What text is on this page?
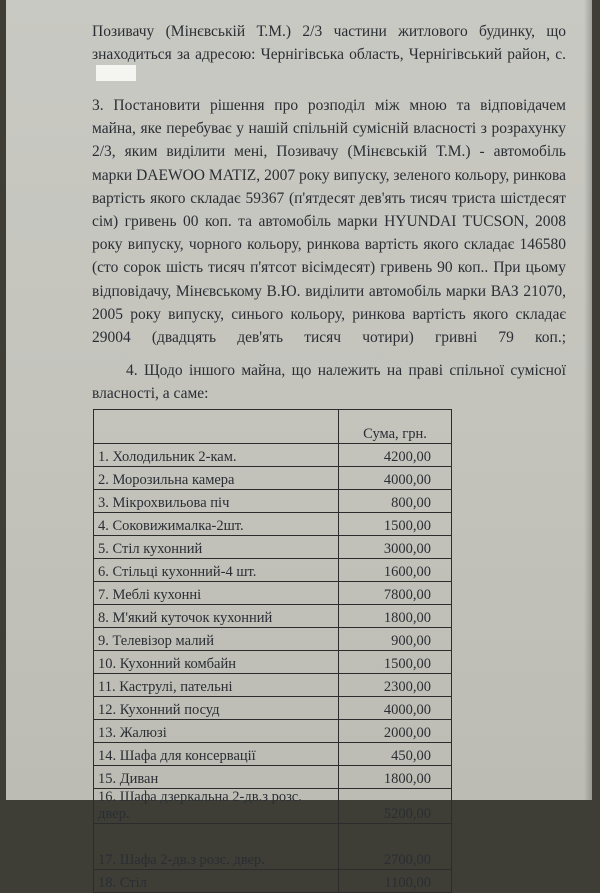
Позивачу (Мінєвській Т.М.) 2/3 частини житлового будинку, що знаходиться за адресою: Чернігівська область, Чернігівський район, с.
3. Постановити рішення про розподіл між мною та відповідачем майна, яке перебуває у нашій спільній сумісній власності з розрахунку 2/3, яким виділити мені, Позивачу (Мінєвській Т.М.) - автомобіль марки DAEWOO MATIZ, 2007 року випуску, зеленого кольору, ринкова вартість якого складає 59367 (п'ятдесят дев'ять тисяч триста шістдесят сім) гривень 00 коп. та автомобіль марки HYUNDAI TUCSON, 2008 року випуску, чорного кольору, ринкова вартість якого складає 146580 (сто сорок шість тисяч п'ятсот вісімдесят) гривень 90 коп.. При цьому відповідачу, Мінєвському В.Ю. виділити автомобіль марки ВАЗ 21070, 2005 року випуску, синього кольору, ринкова вартість якого складає 29004 (двадцять дев'ять тисяч чотири) гривні 79 коп.;
4. Щодо іншого майна, що належить на праві спільної сумісної власності, а саме:
	Сума, грн.
1. Холодильник 2-кам.	4200,00
2. Морозильна камера	4000,00
3. Мікрохвильова піч	800,00
4. Соковижималка-2шт.	1500,00
5. Стіл кухонний	3000,00
6. Стільці кухонний-4 шт.	1600,00
7. Меблі кухонні	7800,00
8. М'який куточок кухонний	1800,00
9. Телевізор малий	900,00
10. Кухонний комбайн	1500,00
11. Каструлі, пательні	2300,00
12. Кухонний посуд	4000,00
13. Жалюзі	2000,00
14. Шафа для консервації	450,00
15. Диван	1800,00
16. Шафа дзеркальна 2-дв.з розс. двер.	5200,00
17. Шафа 2-дв.з розс. двер.	2700,00
18. Стіл	1100,00
